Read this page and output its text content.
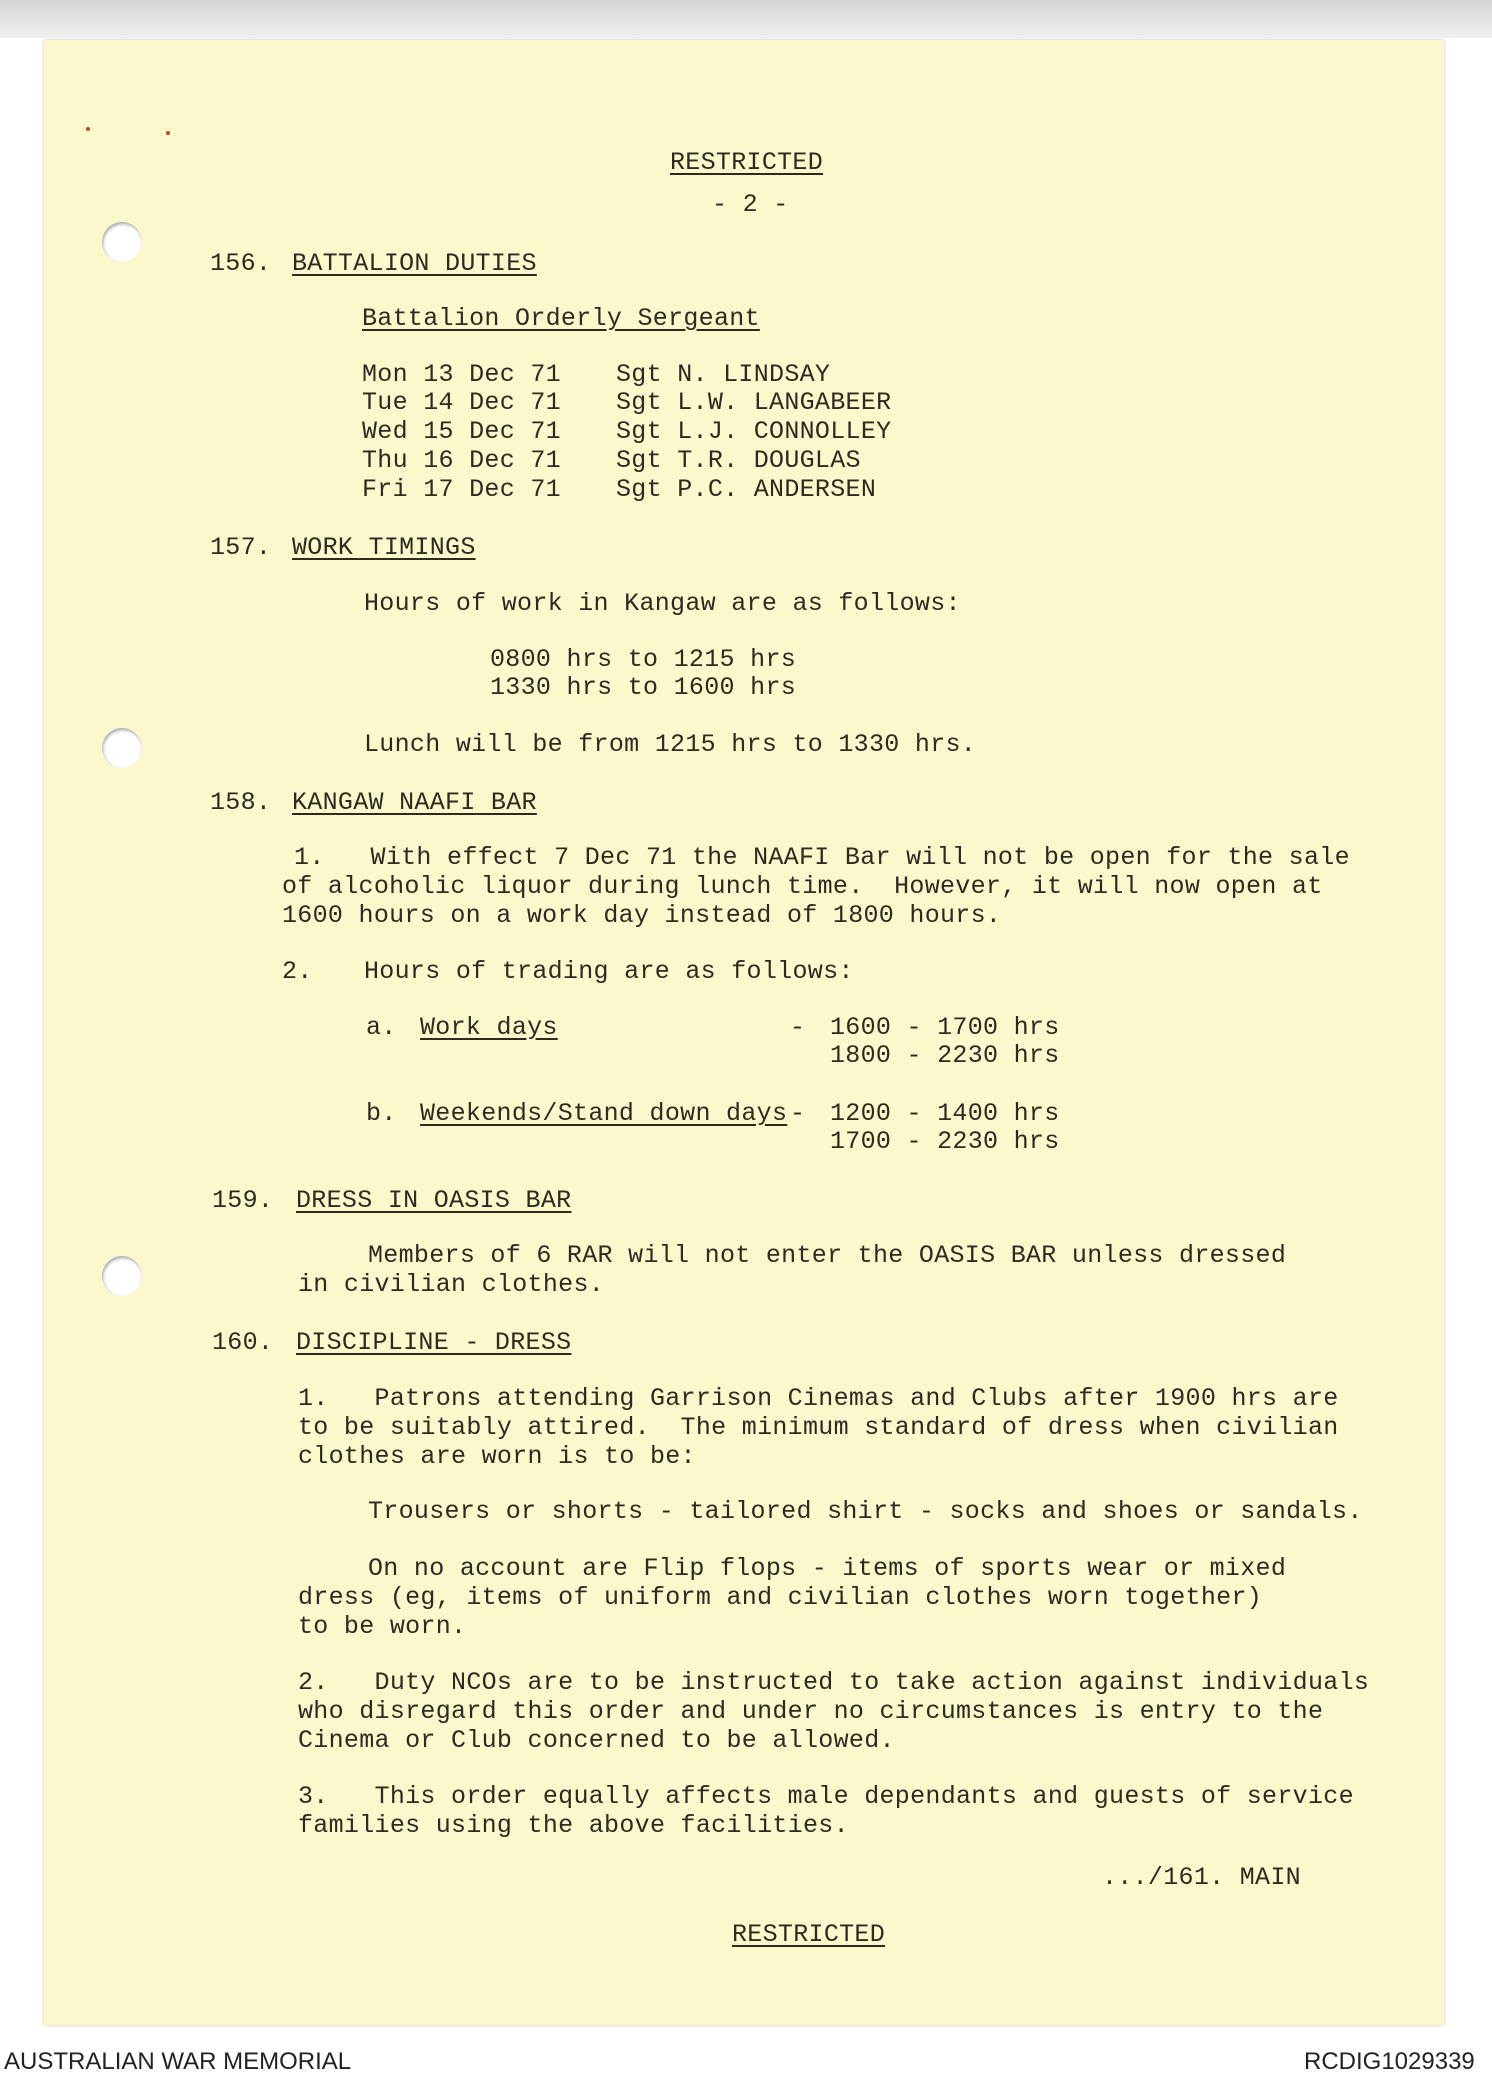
RESTRICTED
- 2 -
156. BATTALION DUTIES
Battalion Orderly Sergeant
Mon 13 Dec 71 Sgt N. LINDSAY
Tue 14 Dec 71 Sgt L.W. LANGABEER
Wed 15 Dec 71 Sgt L.J. CONNOLLEY
Thu 16 Dec 71 Sgt T.R. DOUGLAS
Fri 17 Dec 71 Sgt P.C. ANDERSEN
157. WORK TIMINGS
Hours of work in Kangaw are as follows:
0800 hrs to 1215 hrs
1330 hrs to 1600 hrs
Lunch will be from 1215 hrs to 1330 hrs.
158. KANGAW NAAFI BAR
1.   With effect 7 Dec 71 the NAAFI Bar will not be open for the sale
of alcoholic liquor during lunch time.  However, it will now open at
1600 hours on a work day instead of 1800 hours.
2. Hours of trading are as follows:
a. Work days	- 1600 - 1700 hrs
1800 - 2230 hrs
b. Weekends/Stand down days - 1200 - 1400 hrs
1700 - 2230 hrs
159. DRESS IN OASIS BAR
Members of 6 RAR will not enter the OASIS BAR unless dressed
in civilian clothes.
160. DISCIPLINE - DRESS
1.   Patrons attending Garrison Cinemas and Clubs after 1900 hrs are
to be suitably attired.  The minimum standard of dress when civilian
clothes are worn is to be:
Trousers or shorts - tailored shirt - socks and shoes or sandals.
On no account are Flip flops - items of sports wear or mixed
dress (eg, items of uniform and civilian clothes worn together)
to be worn.
2.   Duty NCOs are to be instructed to take action against individuals
who disregard this order and under no circumstances is entry to the
Cinema or Club concerned to be allowed.
3.   This order equally affects male dependants and guests of service
families using the above facilities.
.../161. MAIN
RESTRICTED
AUSTRALIAN WAR MEMORIAL	RCDIG1029339
